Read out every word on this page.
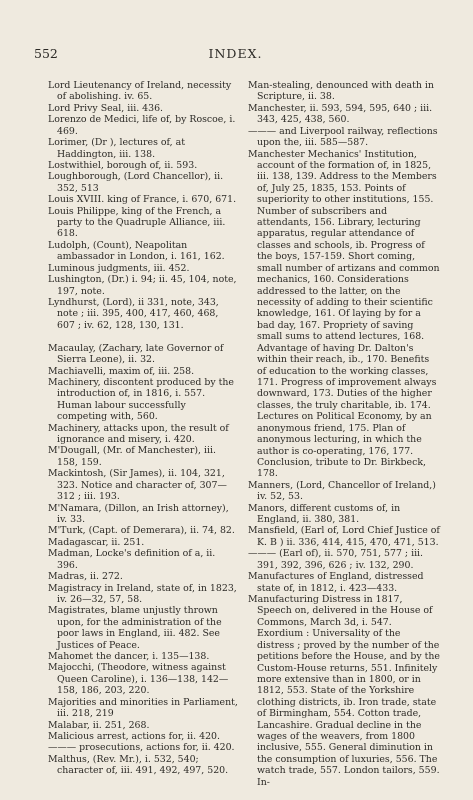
552	INDEX.

Lord Lieutenancy of Ireland, necessity of abolishing. iv. 65.

Lord Privy Seal, iii. 436.

Lorenzo de Medici, life of, by Roscoe, i. 469.

Lorimer, (Dr ), lectures of, at Haddington, iii. 138.

Lostwithiel, borough of, ii. 593.

Loughborough, (Lord Chancellor), ii. 352, 513

Louis XVIII. king of France, i. 670, 671.

Louis Philippe, king of the French, a party to the Quadruple Alliance, iii. 618.

Ludolph, (Count), Neapolitan ambassador in London, i. 161, 162.

Luminous judgments, iii. 452.

Lushington, (Dr.) i. 94; ii. 45, 104, note, 197, note.

Lyndhurst, (Lord), ii 331, note, 343, note ; iii. 395, 400, 417, 460, 468, 607 ; iv. 62, 128, 130, 131.

Macaulay, (Zachary, late Governor of Sierra Leone), ii. 32.

Machiavelli, maxim of, iii. 258.

Machinery, discontent produced by the introduction of, in 1816, i. 557. Human labour successfully competing with, 560.

Machinery, attacks upon, the result of ignorance and misery, i. 420.

M'Dougall, (Mr. of Manchester), iii. 158, 159.

Mackintosh, (Sir James), ii. 104, 321, 323. Notice and character of, 307—312 ; iii. 193.

M'Namara, (Dillon, an Irish attorney), iv. 33.

M'Turk, (Capt. of Demerara), ii. 74, 82.

Madagascar, ii. 251.

Madman, Locke's definition of a, ii. 396.

Madras, ii. 272.

Magistracy in Ireland, state of, in 1823, iv. 26—32, 57, 58.

Magistrates, blame unjustly thrown upon, for the administration of the poor laws in England, iii. 482. See Justices of Peace.

Mahomet the dancer, i. 135—138.

Majocchi, (Theodore, witness against Queen Caroline), i. 136—138, 142—158, 186, 203, 220.

Majorities and minorities in Parliament, iii. 218, 219

Malabar, ii. 251, 268.

Malicious arrest, actions for, ii. 420.

——— prosecutions, actions for, ii. 420.

Malthus, (Rev. Mr.), i. 532, 540; character of, iii. 491, 492, 497, 520.

Man-stealing, denounced with death in Scripture, ii. 38.

Manchester, ii. 593, 594, 595, 640 ; iii. 343, 425, 438, 560.

——— and Liverpool railway, reflections upon the, iii. 585—587.

Manchester Mechanics' Institution, account of the formation of, in 1825, iii. 138, 139. Address to the Members of, July 25, 1835, 153. Points of superiority to other institutions, 155. Number of subscribers and attendants, 156. Library, lecturing apparatus, regular attendance of classes and schools, ib. Progress of the boys, 157-159. Short coming, small number of artizans and common mechanics, 160. Considerations addressed to the latter, on the necessity of adding to their scientific knowledge, 161. Of laying by for a bad day, 167. Propriety of saving small sums to attend lectures, 168. Advantage of having Dr. Dalton's within their reach, ib., 170. Benefits of education to the working classes, 171. Progress of improvement always downward, 173. Duties of the higher classes, the truly charitable, ib. 174. Lectures on Political Economy, by an anonymous friend, 175. Plan of anonymous lecturing, in which the author is co-operating, 176, 177. Conclusion, tribute to Dr. Birkbeck, 178.

Manners, (Lord, Chancellor of Ireland,) iv. 52, 53.

Manors, different customs of, in England, ii. 380, 381.

Mansfield, (Earl of, Lord Chief Justice of K. B ) ii. 336, 414, 415, 470, 471, 513.

——— (Earl of), ii. 570, 751, 577 ; iii. 391, 392, 396, 626 ; iv. 132, 290.

Manufactures of England, distressed state of, in 1812, i. 423—433.

Manufacturing Distress in 1817, Speech on, delivered in the House of Commons, March 3d, i. 547. Exordium : Universality of the distress ; proved by the number of the petitions before the House, and by the Custom-House returns, 551. Infinitely more extensive than in 1800, or in 1812, 553. State of the Yorkshire clothing districts, ib. Iron trade, state of Birmingham, 554. Cotton trade, Lancashire. Gradual decline in the wages of the weavers, from 1800 inclusive, 555. General diminution in the consumption of luxuries, 556. The watch trade, 557. London tailors, 559. In-
